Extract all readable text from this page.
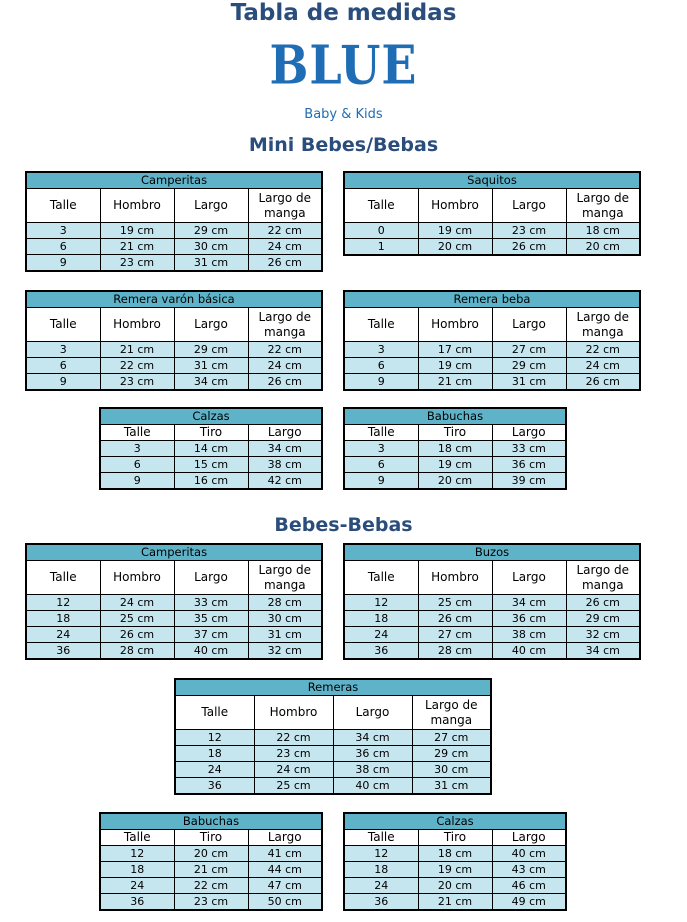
Tabla de medidas
BLUE
Baby & Kids
Mini Bebes/Bebas
Camperitas			
Talle	Hombro	Largo	Largo de manga
3	19 cm	29 cm	22 cm
6	21 cm	30 cm	24 cm
9	23 cm	31 cm	26 cm
Saquitos			
Talle	Hombro	Largo	Largo de manga
0	19 cm	23 cm	18 cm
1	20 cm	26 cm	20 cm
Remera varón básica			
Talle	Hombro	Largo	Largo de manga
3	21 cm	29 cm	22 cm
6	22 cm	31 cm	24 cm
9	23 cm	34 cm	26 cm
Remera beba			
Talle	Hombro	Largo	Largo de manga
3	17 cm	27 cm	22 cm
6	19 cm	29 cm	24 cm
9	21 cm	31 cm	26 cm
Calzas		
Talle	Tiro	Largo
3	14 cm	34 cm
6	15 cm	38 cm
9	16 cm	42 cm
Babuchas		
Talle	Tiro	Largo
3	18 cm	33 cm
6	19 cm	36 cm
9	20 cm	39 cm
Bebes-Bebas
Camperitas			
Talle	Hombro	Largo	Largo de manga
12	24 cm	33 cm	28 cm
18	25 cm	35 cm	30 cm
24	26 cm	37 cm	31 cm
36	28 cm	40 cm	32 cm
Buzos			
Talle	Hombro	Largo	Largo de manga
12	25 cm	34 cm	26 cm
18	26 cm	36 cm	29 cm
24	27 cm	38 cm	32 cm
36	28 cm	40 cm	34 cm
Remeras			
Talle	Hombro	Largo	Largo de manga
12	22 cm	34 cm	27 cm
18	23 cm	36 cm	29 cm
24	24 cm	38 cm	30 cm
36	25 cm	40 cm	31 cm
Babuchas		
Talle	Tiro	Largo
12	20 cm	41 cm
18	21 cm	44 cm
24	22 cm	47 cm
36	23 cm	50 cm
Calzas		
Talle	Tiro	Largo
12	18 cm	40 cm
18	19 cm	43 cm
24	20 cm	46 cm
36	21 cm	49 cm
